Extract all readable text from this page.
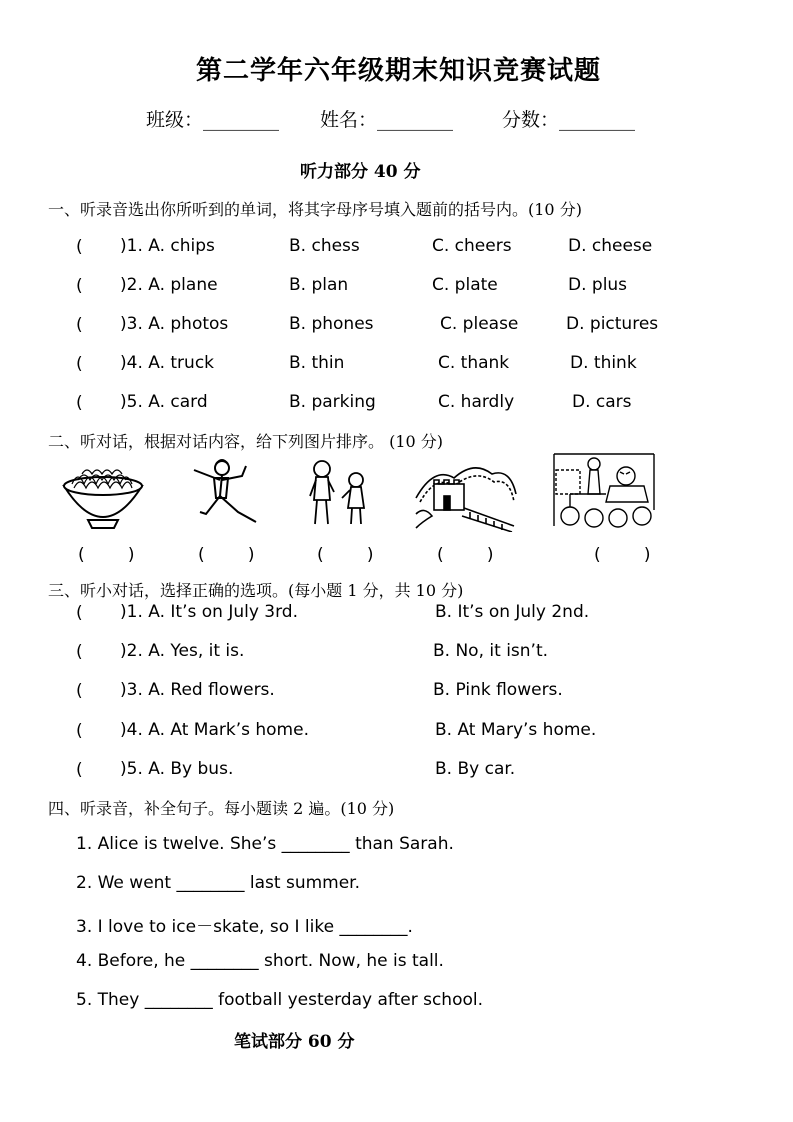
第二学年六年级期末知识竞赛试题
班级：________ 姓名：________	分数：________
听力部分 40 分
一、听录音选出你所听到的单词，将其字母序号填入题前的括号内。(10 分)
( )1. A. chips	B. chess	C. cheers	D. cheese
( )2. A. plane	B. plan	C. plate	D. plus
( )3. A. photos	B. phones	C. please	D. pictures
( )4. A. truck	B. thin	C. thank	D. think
( )5. A. card	B. parking	C. hardly	D. cars
二、听对话，根据对话内容，给下列图片排序。 (10 分)
(	)	(	)	(	)	(	)	(	)
三、听小对话，选择正确的选项。(每小题 1 分，共 10 分)
( )1. A. It’s on July 3rd.	B. It’s on July 2nd.
( )2. A. Yes, it is.	B. No, it isn’t.
( )3. A. Red flowers.	B. Pink flowers.
( )4. A. At Mark’s home.	B. At Mary’s home.
( )5. A. By bus.	B. By car.
四、听录音，补全句子。每小题读 2 遍。(10 分)
1. Alice is twelve. She’s ________ than Sarah.
2. We went ________ last summer.
3. I love to ice－skate, so I like ________.
4. Before, he ________ short. Now, he is tall.
5. They ________ football yesterday after school.
笔试部分 60 分
